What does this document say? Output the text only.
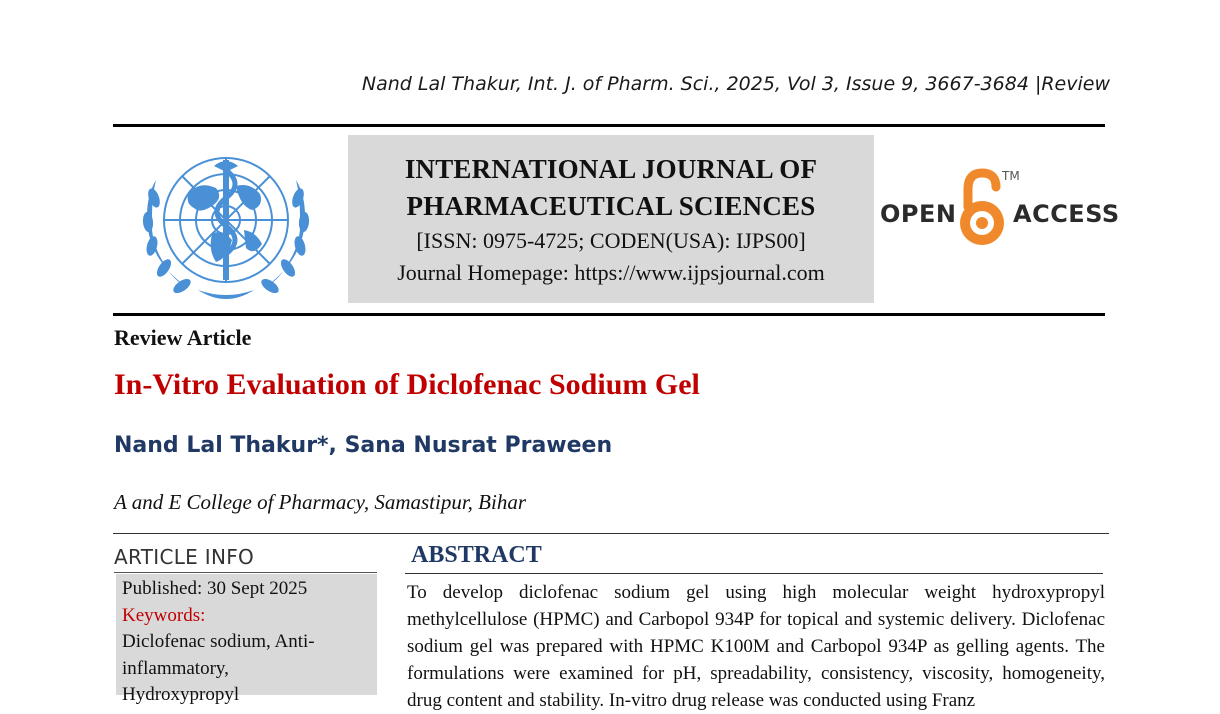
Nand Lal Thakur, Int. J. of Pharm. Sci., 2025, Vol 3, Issue 9, 3667-3684 |Review
INTERNATIONAL JOURNAL OF
PHARMACEUTICAL SCIENCES
[ISSN: 0975-4725; CODEN(USA): IJPS00]
Journal Homepage: https://www.ijpsjournal.com
OPEN
TM
ACCESS
Review Article
In-Vitro Evaluation of Diclofenac Sodium Gel
Nand Lal Thakur*, Sana Nusrat Praween
A and E College of Pharmacy, Samastipur, Bihar
ARTICLE INFO
Published: 30 Sept 2025
Keywords:
Diclofenac sodium, Anti-
inflammatory,
Hydroxypropyl
ABSTRACT
To develop diclofenac sodium gel using high molecular weight hydroxypropyl methylcellulose (HPMC) and Carbopol 934P for topical and systemic delivery. Diclofenac sodium gel was prepared with HPMC K100M and Carbopol 934P as gelling agents. The formulations were examined for pH, spreadability, consistency, viscosity, homogeneity, drug content and stability. In-vitro drug release was conducted using Franz
